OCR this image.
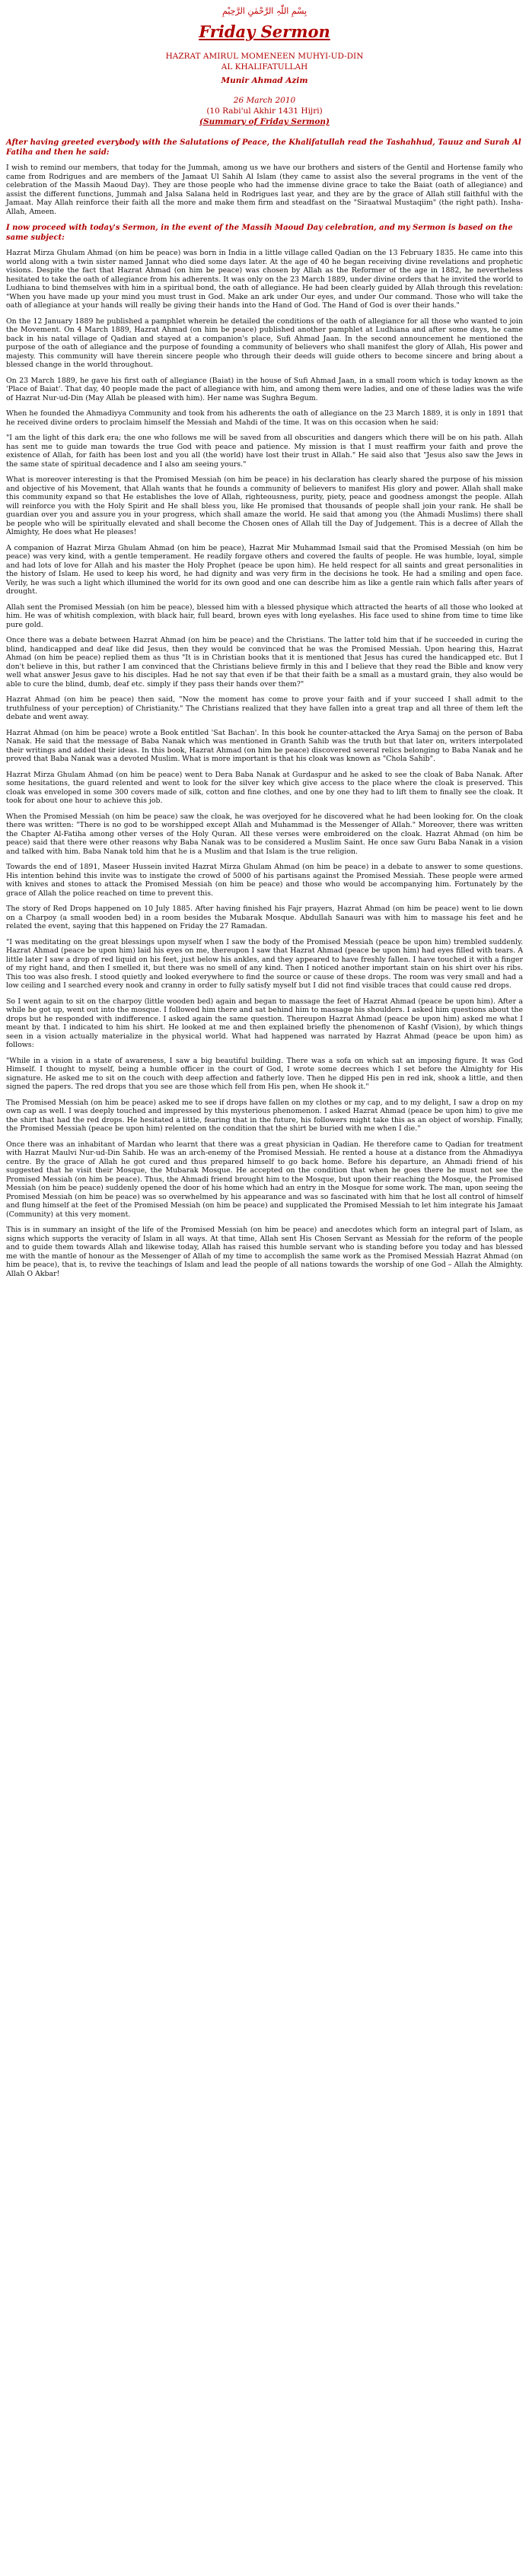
بِسْمِ اللّٰہِ الرَّحْمٰنِ الرَّحِیْمِ
Friday Sermon
HAZRAT AMIRUL MOMENEEN MUHYI-UD-DIN
AL KHALIFATULLAH
Munir Ahmad Azim
26 March 2010
(10 Rabi'ul Akhir 1431 Hijri)
(Summary of Friday Sermon)
After having greeted everybody with the Salutations of Peace, the Khalifatullah read the Tashahhud, Tauuz and Surah Al Fatiha and then he said:

I wish to remind our members, that today for the Jummah, among us we have our brothers and sisters of the Gentil and Hortense family who came from Rodrigues and are members of the Jamaat Ul Sahih Al Islam (they came to assist also the several programs in the vent of the celebration of the Massih Maoud Day). They are those people who had the immense divine grace to take the Baiat (oath of allegiance) and assist the different functions, Jummah and Jalsa Salana held in Rodrigues last year, and they are by the grace of Allah still faithful with the Jamaat. May Allah reinforce their faith all the more and make them firm and steadfast on the "Siraatwal Mustaqiim" (the right path). Insha-Allah, Ameen.

I now proceed with today's Sermon, in the event of the Massih Maoud Day celebration, and my Sermon is based on the same subject:

Hazrat Mirza Ghulam Ahmad (on him be peace) was born in India in a little village called Qadian on the 13 February 1835. He came into this world along with a twin sister named Jannat who died some days later. At the age of 40 he began receiving divine revelations and prophetic visions. Despite the fact that Hazrat Ahmad (on him be peace) was chosen by Allah as the Reformer of the age in 1882, he nevertheless hesitated to take the oath of allegiance from his adherents. It was only on the 23 March 1889, under divine orders that he invited the world to Ludhiana to bind themselves with him in a spiritual bond, the oath of allegiance. He had been clearly guided by Allah through this revelation: "When you have made up your mind you must trust in God. Make an ark under Our eyes, and under Our command. Those who will take the oath of allegiance at your hands will really be giving their hands into the Hand of God. The Hand of God is over their hands."

On the 12 January 1889 he published a pamphlet wherein he detailed the conditions of the oath of allegiance for all those who wanted to join the Movement. On 4 March 1889, Hazrat Ahmad (on him be peace) published another pamphlet at Ludhiana and after some days, he came back in his natal village of Qadian and stayed at a companion's place, Sufi Ahmad Jaan. In the second announcement he mentioned the purpose of the oath of allegiance and the purpose of founding a community of believers who shall manifest the glory of Allah, His power and majesty. This community will have therein sincere people who through their deeds will guide others to become sincere and bring about a blessed change in the world throughout.

On 23 March 1889, he gave his first oath of allegiance (Baiat) in the house of Sufi Ahmad Jaan, in a small room which is today known as the 'Place of Baiat'. That day, 40 people made the pact of allegiance with him, and among them were ladies, and one of these ladies was the wife of Hazrat Nur-ud-Din (May Allah be pleased with him). Her name was Sughra Begum.

When he founded the Ahmadiyya Community and took from his adherents the oath of allegiance on the 23 March 1889, it is only in 1891 that he received divine orders to proclaim himself the Messiah and Mahdi of the time. It was on this occasion when he said:

"I am the light of this dark era; the one who follows me will be saved from all obscurities and dangers which there will be on his path. Allah has sent me to guide man towards the true God with peace and patience. My mission is that I must reaffirm your faith and prove the existence of Allah, for faith has been lost and you all (the world) have lost their trust in Allah." He said also that "Jesus also saw the Jews in the same state of spiritual decadence and I also am seeing yours."

What is moreover interesting is that the Promised Messiah (on him be peace) in his declaration has clearly shared the purpose of his mission and objective of his Movement, that Allah wants that he founds a community of believers to manifest His glory and power. Allah shall make this community expand so that He establishes the love of Allah, righteousness, purity, piety, peace and goodness amongst the people. Allah will reinforce you with the Holy Spirit and He shall bless you, like He promised that thousands of people shall join your rank. He shall be guardian over you and assure you in your progress, which shall amaze the world. He said that among you (the Ahmadi Muslims) there shall be people who will be spiritually elevated and shall become the Chosen ones of Allah till the Day of Judgement. This is a decree of Allah the Almighty, He does what He pleases!

A companion of Hazrat Mirza Ghulam Ahmad (on him be peace), Hazrat Mir Muhammad Ismail said that the Promised Messiah (on him be peace) was very kind, with a gentle temperament. He readily forgave others and covered the faults of people. He was humble, loyal, simple and had lots of love for Allah and his master the Holy Prophet (peace be upon him). He held respect for all saints and great personalities in the history of Islam. He used to keep his word, he had dignity and was very firm in the decisions he took. He had a smiling and open face. Verily, he was such a light which illumined the world for its own good and one can describe him as like a gentle rain which falls after years of drought.

Allah sent the Promised Messiah (on him be peace), blessed him with a blessed physique which attracted the hearts of all those who looked at him. He was of whitish complexion, with black hair, full beard, brown eyes with long eyelashes. His face used to shine from time to time like pure gold.

Once there was a debate between Hazrat Ahmad (on him be peace) and the Christians. The latter told him that if he succeeded in curing the blind, handicapped and deaf like did Jesus, then they would be convinced that he was the Promised Messiah. Upon hearing this, Hazrat Ahmad (on him be peace) replied them as thus "It is in Christian books that it is mentioned that Jesus has cured the handicapped etc. But I don't believe in this, but rather I am convinced that the Christians believe firmly in this and I believe that they read the Bible and know very well what answer Jesus gave to his disciples. Had he not say that even if be that their faith be a small as a mustard grain, they also would be able to cure the blind, dumb, deaf etc. simply if they pass their hands over them?"

Hazrat Ahmad (on him be peace) then said, "Now the moment has come to prove your faith and if your succeed I shall admit to the truthfulness of your perception) of Christianity." The Christians realized that they have fallen into a great trap and all three of them left the debate and went away.

Hazrat Ahmad (on him be peace) wrote a Book entitled 'Sat Bachan'. In this book he counter-attacked the Arya Samaj on the person of Baba Nanak. He said that the message of Baba Nanak which was mentioned in Granth Sahib was the truth but that later on, writers interpolated their writings and added their ideas. In this book, Hazrat Ahmad (on him be peace) discovered several relics belonging to Baba Nanak and he proved that Baba Nanak was a devoted Muslim. What is more important is that his cloak was known as "Chola Sahib".

Hazrat Mirza Ghulam Ahmad (on him be peace) went to Dera Baba Nanak at Gurdaspur and he asked to see the cloak of Baba Nanak. After some hesitations, the guard relented and went to look for the silver key which give access to the place where the cloak is preserved. This cloak was enveloped in some 300 covers made of silk, cotton and fine clothes, and one by one they had to lift them to finally see the cloak. It took for about one hour to achieve this job.

When the Promised Messiah (on him be peace) saw the cloak, he was overjoyed for he discovered what he had been looking for. On the cloak there was written: "There is no god to be worshipped except Allah and Muhammad is the Messenger of Allah." Moreover, there was written the Chapter Al-Fatiha among other verses of the Holy Quran. All these verses were embroidered on the cloak. Hazrat Ahmad (on him be peace) said that there were other reasons why Baba Nanak was to be considered a Muslim Saint. He once saw Guru Baba Nanak in a vision and talked with him. Baba Nanak told him that he is a Muslim and that Islam is the true religion.

Towards the end of 1891, Maseer Hussein invited Hazrat Mirza Ghulam Ahmad (on him be peace) in a debate to answer to some questions. His intention behind this invite was to instigate the crowd of 5000 of his partisans against the Promised Messiah. These people were armed with knives and stones to attack the Promised Messiah (on him be peace) and those who would be accompanying him. Fortunately by the grace of Allah the police reached on time to prevent this.

The story of Red Drops happened on 10 July 1885. After having finished his Fajr prayers, Hazrat Ahmad (on him be peace) went to lie down on a Charpoy (a small wooden bed) in a room besides the Mubarak Mosque. Abdullah Sanauri was with him to massage his feet and he related the event, saying that this happened on Friday the 27 Ramadan.

"I was meditating on the great blessings upon myself when I saw the body of the Promised Messiah (peace be upon him) trembled suddenly. Hazrat Ahmad (peace be upon him) laid his eyes on me, thereupon I saw that Hazrat Ahmad (peace be upon him) had eyes filled with tears. A little later I saw a drop of red liquid on his feet, just below his ankles, and they appeared to have freshly fallen. I have touched it with a finger of my right hand, and then I smelled it, but there was no smell of any kind. Then I noticed another important stain on his shirt over his ribs. This too was also fresh. I stood quietly and looked everywhere to find the source or cause of these drops. The room was very small and had a low ceiling and I searched every nook and cranny in order to fully satisfy myself but I did not find visible traces that could cause red drops.

So I went again to sit on the charpoy (little wooden bed) again and began to massage the feet of Hazrat Ahmad (peace be upon him). After a while he got up, went out into the mosque. I followed him there and sat behind him to massage his shoulders. I asked him questions about the drops but he responded with indifference. I asked again the same question. Thereupon Hazrat Ahmad (peace be upon him) asked me what I meant by that. I indicated to him his shirt. He looked at me and then explained briefly the phenomenon of Kashf (Vision), by which things seen in a vision actually materialize in the physical world. What had happened was narrated by Hazrat Ahmad (peace be upon him) as follows:

"While in a vision in a state of awareness, I saw a big beautiful building. There was a sofa on which sat an imposing figure. It was God Himself. I thought to myself, being a humble officer in the court of God, I wrote some decrees which I set before the Almighty for His signature. He asked me to sit on the couch with deep affection and fatherly love. Then he dipped His pen in red ink, shook a little, and then signed the papers. The red drops that you see are those which fell from His pen, when He shook it."

The Promised Messiah (on him be peace) asked me to see if drops have fallen on my clothes or my cap, and to my delight, I saw a drop on my own cap as well. I was deeply touched and impressed by this mysterious phenomenon. I asked Hazrat Ahmad (peace be upon him) to give me the shirt that had the red drops. He hesitated a little, fearing that in the future, his followers might take this as an object of worship. Finally, the Promised Messiah (peace be upon him) relented on the condition that the shirt be buried with me when I die."

Once there was an inhabitant of Mardan who learnt that there was a great physician in Qadian. He therefore came to Qadian for treatment with Hazrat Maulvi Nur-ud-Din Sahib. He was an arch-enemy of the Promised Messiah. He rented a house at a distance from the Ahmadiyya centre. By the grace of Allah he got cured and thus prepared himself to go back home. Before his departure, an Ahmadi friend of his suggested that he visit their Mosque, the Mubarak Mosque. He accepted on the condition that when he goes there he must not see the Promised Messiah (on him be peace). Thus, the Ahmadi friend brought him to the Mosque, but upon their reaching the Mosque, the Promised Messiah (on him be peace) suddenly opened the door of his home which had an entry in the Mosque for some work. The man, upon seeing the Promised Messiah (on him be peace) was so overwhelmed by his appearance and was so fascinated with him that he lost all control of himself and flung himself at the feet of the Promised Messiah (on him be peace) and supplicated the Promised Messiah to let him integrate his Jamaat (Community) at this very moment.

This is in summary an insight of the life of the Promised Messiah (on him be peace) and anecdotes which form an integral part of Islam, as signs which supports the veracity of Islam in all ways. At that time, Allah sent His Chosen Servant as Messiah for the reform of the people and to guide them towards Allah and likewise today, Allah has raised this humble servant who is standing before you today and has blessed me with the mantle of honour as the Messenger of Allah of my time to accomplish the same work as the Promised Messiah Hazrat Ahmad (on him be peace), that is, to revive the teachings of Islam and lead the people of all nations towards the worship of one God – Allah the Almighty. Allah O Akbar!
